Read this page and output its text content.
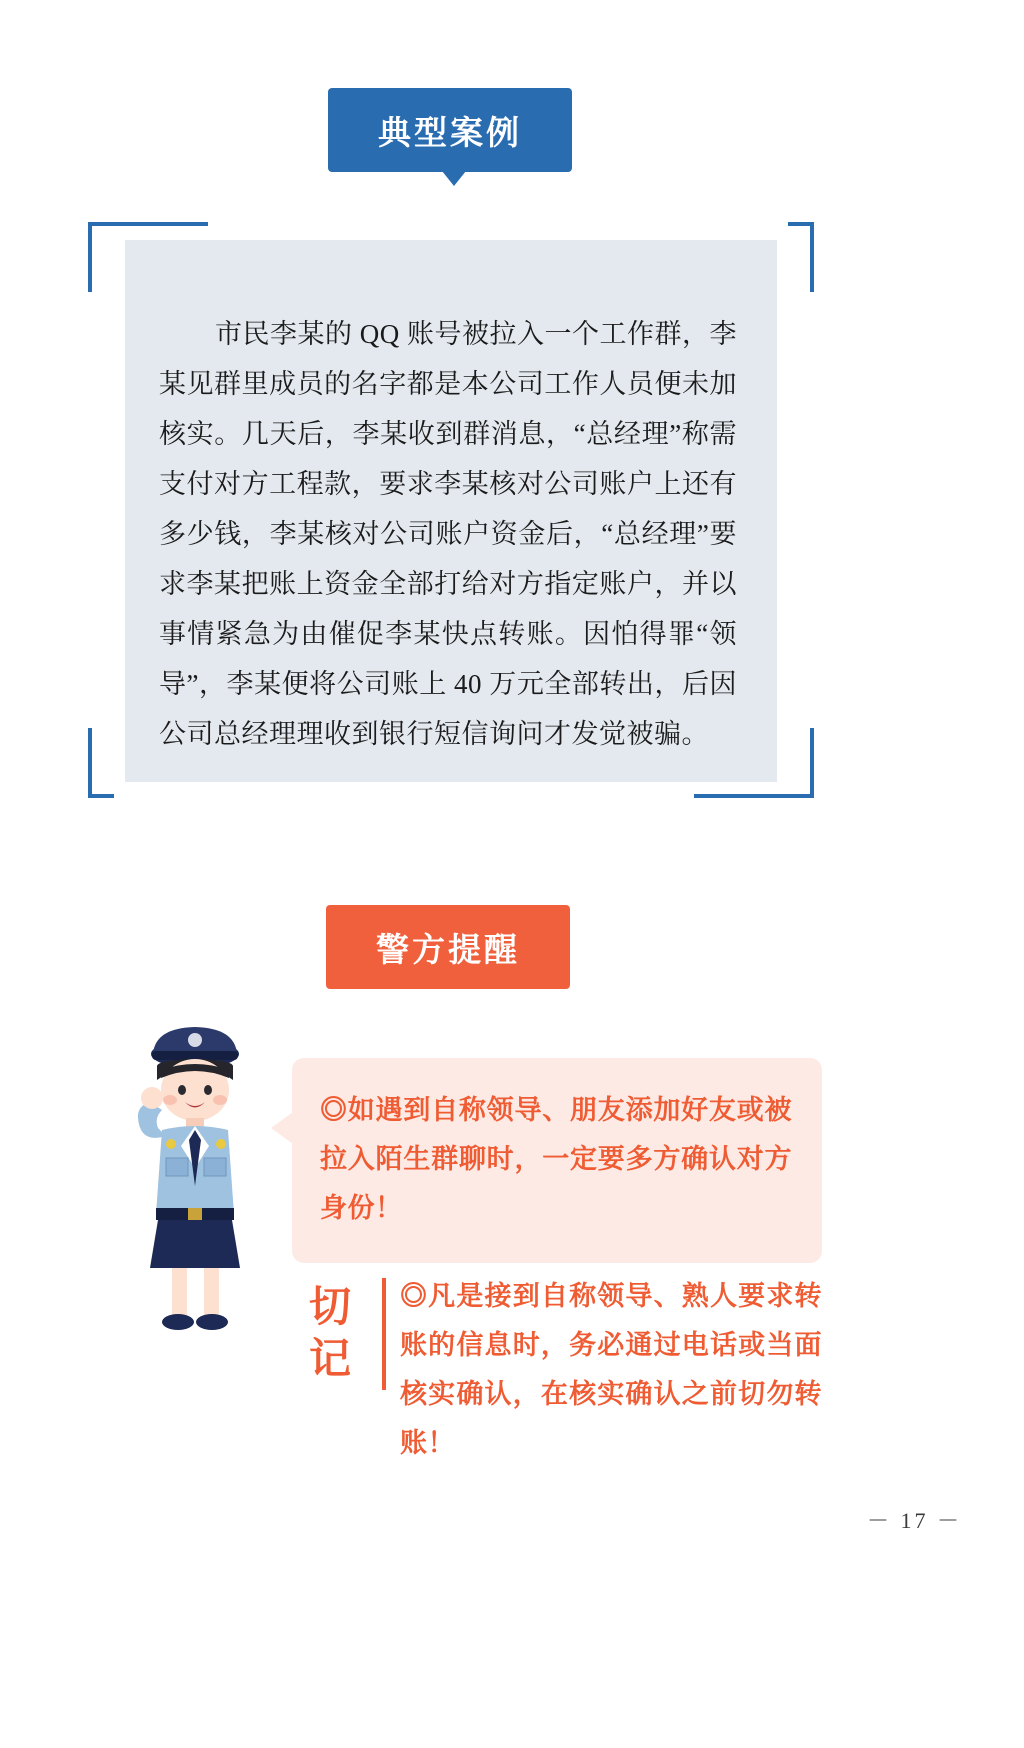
典型案例

市民李某的 QQ 账号被拉入一个工作群，李某见群里成员的名字都是本公司工作人员便未加核实。几天后，李某收到群消息，“总经理”称需支付对方工程款，要求李某核对公司账户上还有多少钱，李某核对公司账户资金后，“总经理”要求李某把账上资金全部打给对方指定账户，并以事情紧急为由催促李某快点转账。因怕得罪“领导”，李某便将公司账上 40 万元全部转出，后因公司总经理理收到银行短信询问才发觉被骗。

警方提醒
◎如遇到自称领导、朋友添加好友或被拉入陌生群聊时，一定要多方确认对方身份！
切记
◎凡是接到自称领导、熟人要求转账的信息时，务必通过电话或当面核实确认，在核实确认之前切勿转账！
－ 17 －
